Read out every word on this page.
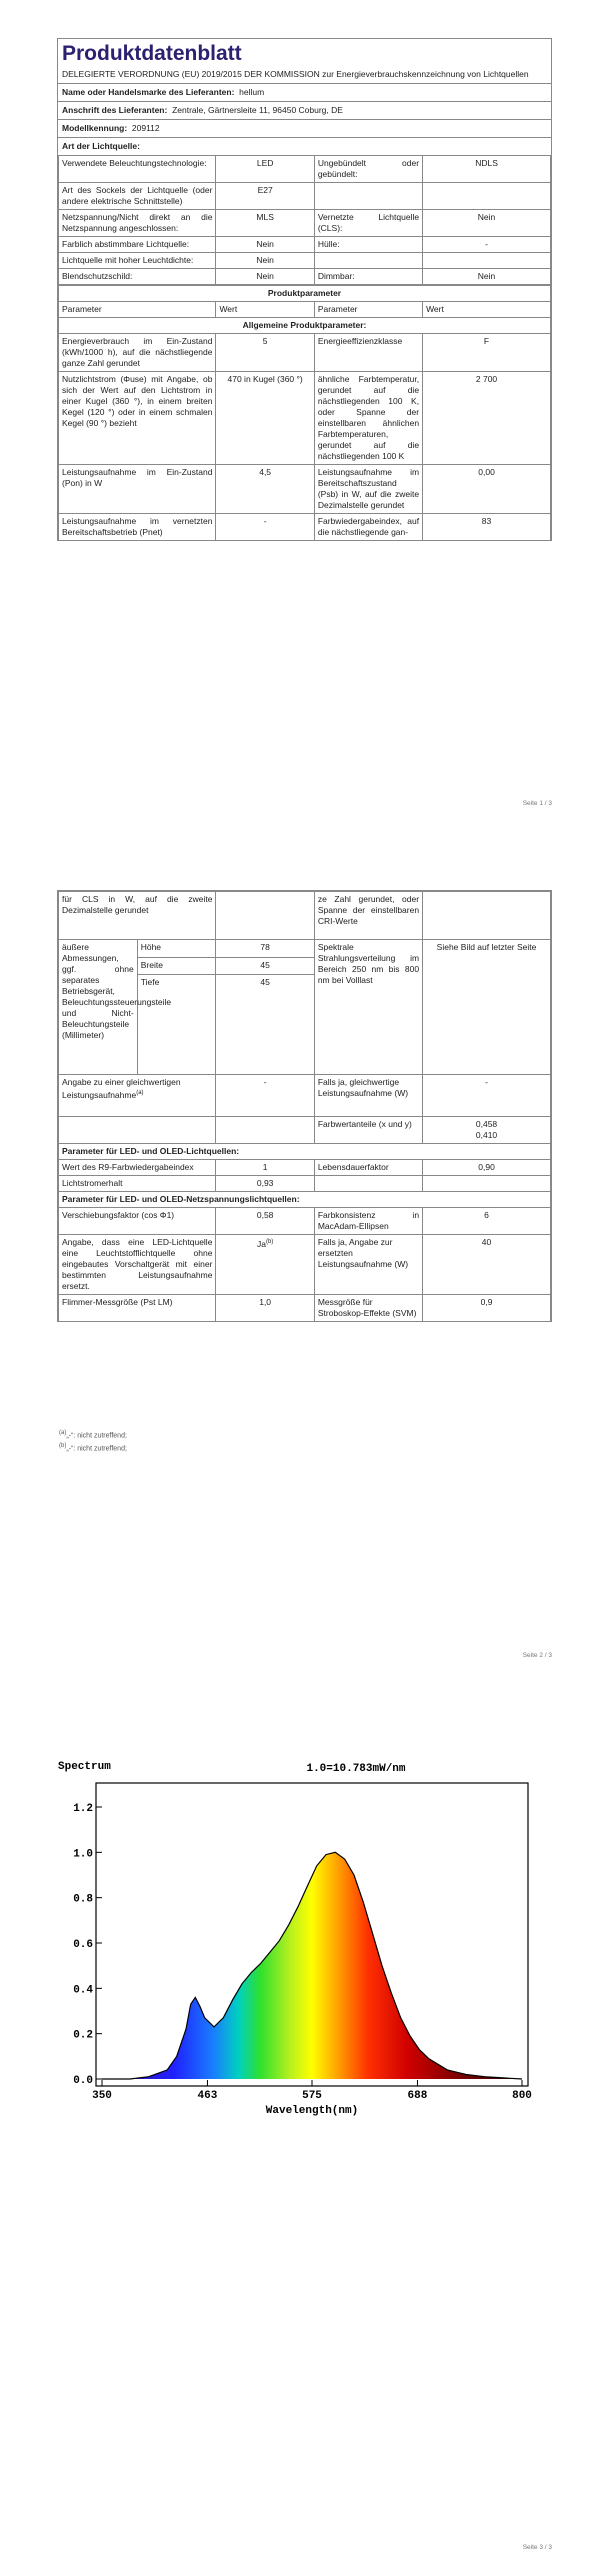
Produktdatenblatt
DELEGIERTE VERORDNUNG (EU) 2019/2015 DER KOMMISSION zur Energieverbrauchskennzeichnung von Lichtquellen
Name oder Handelsmarke des Lieferanten: hellum
Anschrift des Lieferanten: Zentrale, Gärtnersleite 11, 96450 Coburg, DE
Modellkennung: 209112
Art der Lichtquelle:
Verwendete Beleuchtungstechnologie:	LED	Ungebündelt oder gebündelt:	NDLS
Art des Sockels der Lichtquelle (oder andere elektrische Schnittstelle)	E27		
Netzspannung/Nicht direkt an die Netzspannung angeschlossen:	MLS	Vernetzte Lichtquelle (CLS):	Nein
Farblich abstimmbare Lichtquelle:	Nein	Hülle:	-
Lichtquelle mit hoher Leuchtdichte:	Nein		
Blendschutzschild:	Nein	Dimmbar:	Nein
Produktparameter			
Parameter	Wert	Parameter	Wert
Allgemeine Produktparameter:			
Energieverbrauch im Ein-Zustand (kWh/1000 h), auf die nächstliegende ganze Zahl gerundet	5	Energieeffizienzklasse	F
Nutzlichtstrom (Φuse) mit Angabe, ob sich der Wert auf den Lichtstrom in einer Kugel (360 °), in einem breiten Kegel (120 °) oder in einem schmalen Kegel (90 °) bezieht	470 in Kugel (360 °)	ähnliche Farbtemperatur, gerundet auf die nächstliegenden 100 K, oder Spanne der einstellbaren ähnlichen Farbtemperaturen, gerundet auf die nächstliegenden 100 K	2 700
Leistungsaufnahme im Ein-Zustand (Pon) in W	4,5	Leistungsaufnahme im Bereitschaftszustand (Psb) in W, auf die zweite Dezimalstelle gerundet	0,00
Leistungsaufnahme im vernetzten Bereitschaftsbetrieb (Pnet)	-	Farbwiedergabeindex, auf die nächstliegende gan-	83
Seite 1 / 3
für CLS in W, auf die zweite Dezimalstelle gerundet			ze Zahl gerundet, oder Spanne der einstellbaren CRI-Werte	
äußere Abmessungen, ggf. ohne separates Betriebsgerät, Beleuchtungssteuerungsteile und Nicht-Beleuchtungsteile (Millimeter)	Höhe	78	Spektrale Strahlungsverteilung im Bereich 250 nm bis 800 nm bei Volllast	Siehe Bild auf letzter Seite
	Breite	45		
	Tiefe	45		
Angabe zu einer gleichwertigen Leistungsaufnahme$^{(a)}$		-	Falls ja, gleichwertige Leistungsaufnahme (W)	-
			Farbwertanteile (x und y)	0,458
0,410

Parameter für LED- und OLED-Lichtquellen:				
Wert des R9-Farbwiedergabeindex		1	Lebensdauerfaktor	0,90
Lichtstromerhalt		0,93		
Parameter für LED- und OLED-Netzspannungslichtquellen:				
Verschiebungsfaktor (cos Φ1)		0,58	Farbkonsistenz in MacAdam-Ellipsen	6
Angabe, dass eine LED-Lichtquelle eine Leuchtstofflichtquelle ohne eingebautes Vorschaltgerät mit einer bestimmten Leistungsaufnahme ersetzt.		Ja$^{(b)}$	Falls ja, Angabe zur ersetzten Leistungsaufnahme (W)	40
Flimmer-Messgröße (Pst LM)		1,0	Messgröße für Stroboskop-Effekte (SVM)	0,9
$^{(a)}$„-“: nicht zutreffend;
$^{(b)}$„-“: nicht zutreffend;
Seite 2 / 3
Spectrum	1.0=10.783mW/nm
0.0
0.2
0.4
0.6
0.8
1.0
1.2
350	463	575	688	800
Wavelength(nm)
Seite 3 / 3
